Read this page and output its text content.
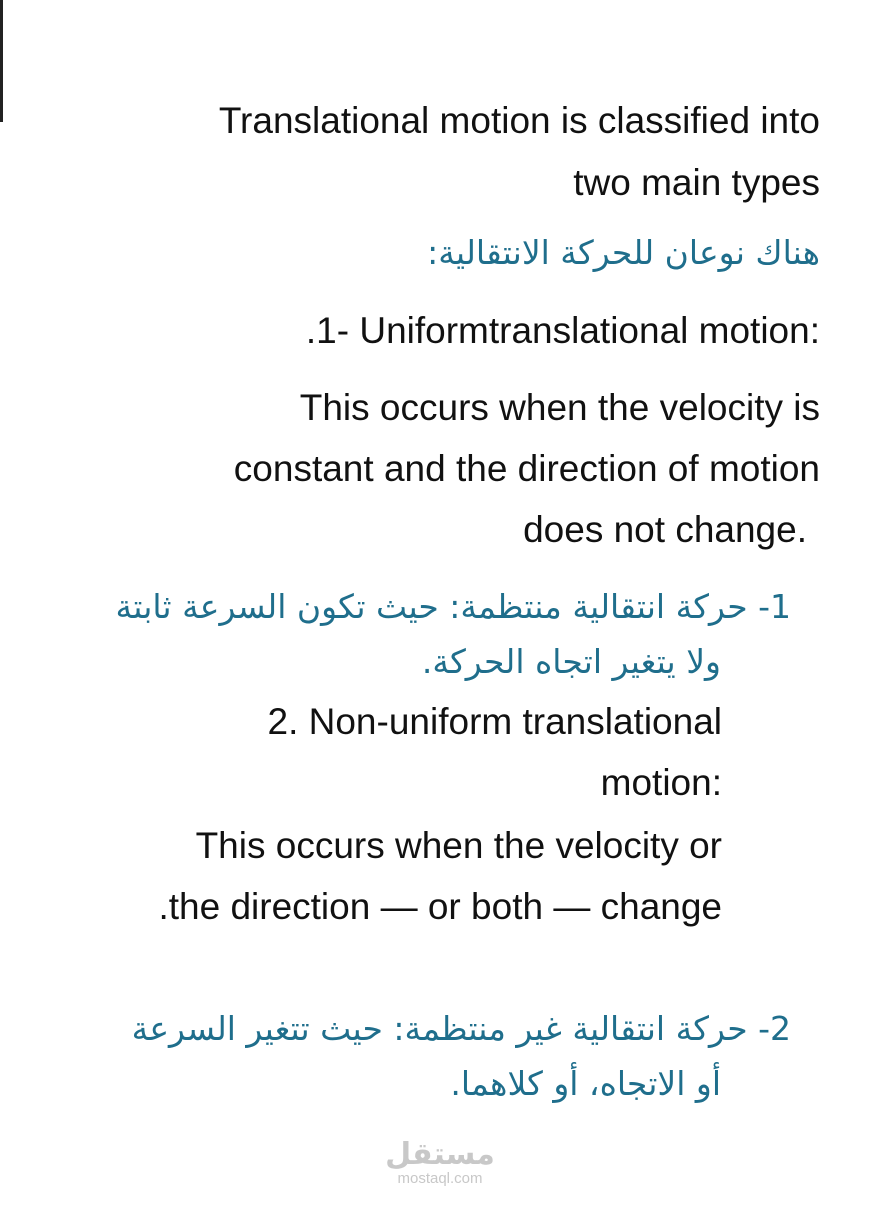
Translational motion is classified into
two main types
هناك نوعان للحركة الانتقالية:
.1- Uniformtranslational motion:
This occurs when the velocity is
constant and the direction of motion
does not change.
1- حركة انتقالية منتظمة: حيث تكون السرعة ثابتة
ولا يتغير اتجاه الحركة.
2. Non-uniform translational
motion:
This occurs when the velocity or
.the direction — or both — change
2- حركة انتقالية غير منتظمة: حيث تتغير السرعة
أو الاتجاه، أو كلاهما.
مستقل
mostaql.com
